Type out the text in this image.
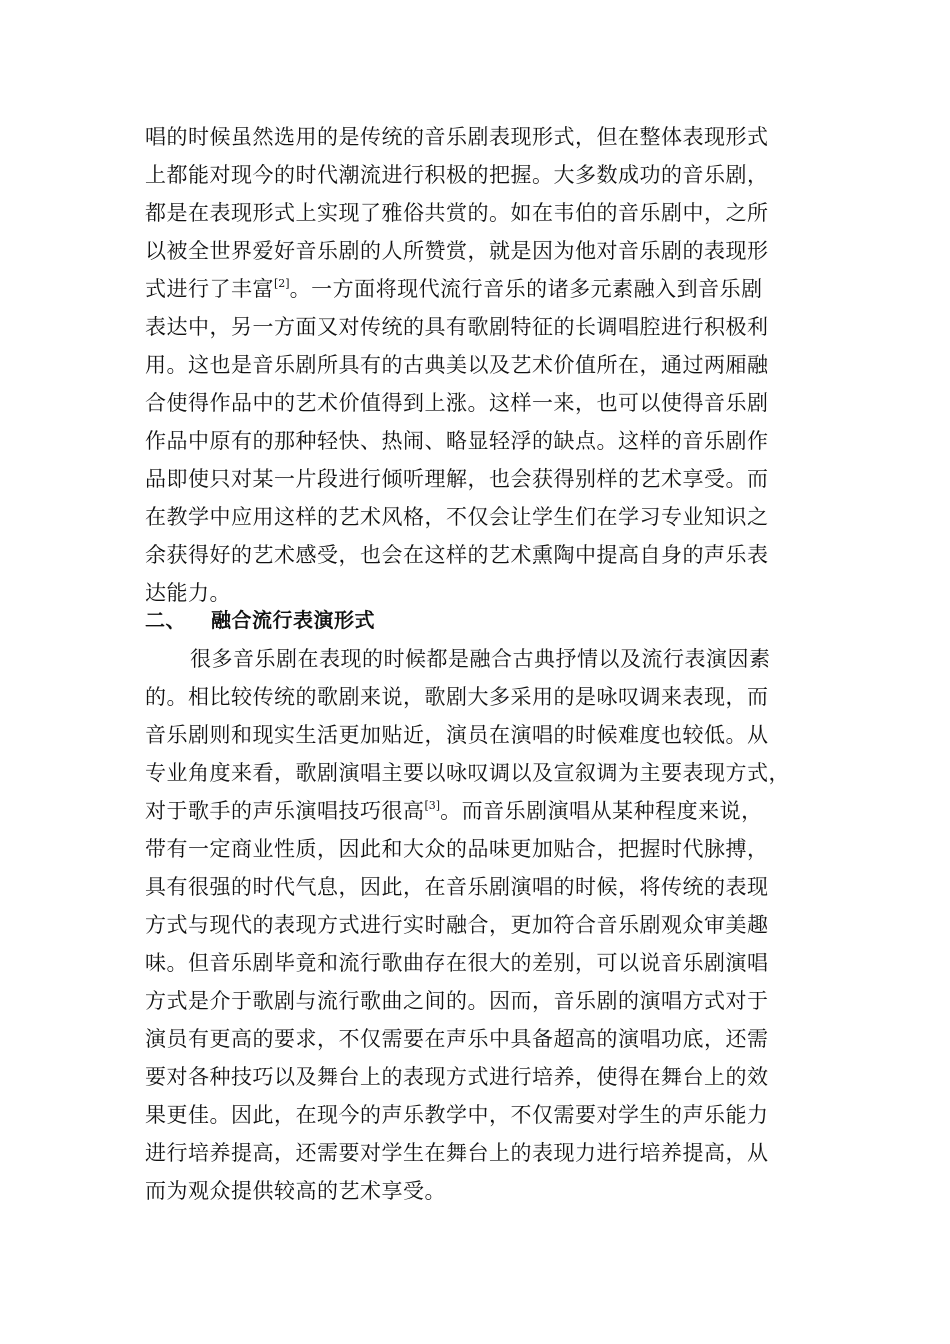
唱的时候虽然选用的是传统的音乐剧表现形式，但在整体表现形式
上都能对现今的时代潮流进行积极的把握。大多数成功的音乐剧，
都是在表现形式上实现了雅俗共赏的。如在韦伯的音乐剧中，之所
以被全世界爱好音乐剧的人所赞赏，就是因为他对音乐剧的表现形
式进行了丰富[2]。一方面将现代流行音乐的诸多元素融入到音乐剧
表达中，另一方面又对传统的具有歌剧特征的长调唱腔进行积极利
用。这也是音乐剧所具有的古典美以及艺术价值所在，通过两厢融
合使得作品中的艺术价值得到上涨。这样一来，也可以使得音乐剧
作品中原有的那种轻快、热闹、略显轻浮的缺点。这样的音乐剧作
品即使只对某一片段进行倾听理解，也会获得别样的艺术享受。而
在教学中应用这样的艺术风格，不仅会让学生们在学习专业知识之
余获得好的艺术感受，也会在这样的艺术熏陶中提高自身的声乐表
达能力。
二、 融合流行表演形式
很多音乐剧在表现的时候都是融合古典抒情以及流行表演因素
的。相比较传统的歌剧来说，歌剧大多采用的是咏叹调来表现，而
音乐剧则和现实生活更加贴近，演员在演唱的时候难度也较低。从
专业角度来看，歌剧演唱主要以咏叹调以及宣叙调为主要表现方式，
对于歌手的声乐演唱技巧很高[3]。而音乐剧演唱从某种程度来说，
带有一定商业性质，因此和大众的品味更加贴合，把握时代脉搏，
具有很强的时代气息，因此，在音乐剧演唱的时候，将传统的表现
方式与现代的表现方式进行实时融合，更加符合音乐剧观众审美趣
味。但音乐剧毕竟和流行歌曲存在很大的差别，可以说音乐剧演唱
方式是介于歌剧与流行歌曲之间的。因而，音乐剧的演唱方式对于
演员有更高的要求，不仅需要在声乐中具备超高的演唱功底，还需
要对各种技巧以及舞台上的表现方式进行培养，使得在舞台上的效
果更佳。因此，在现今的声乐教学中，不仅需要对学生的声乐能力
进行培养提高，还需要对学生在舞台上的表现力进行培养提高，从
而为观众提供较高的艺术享受。
